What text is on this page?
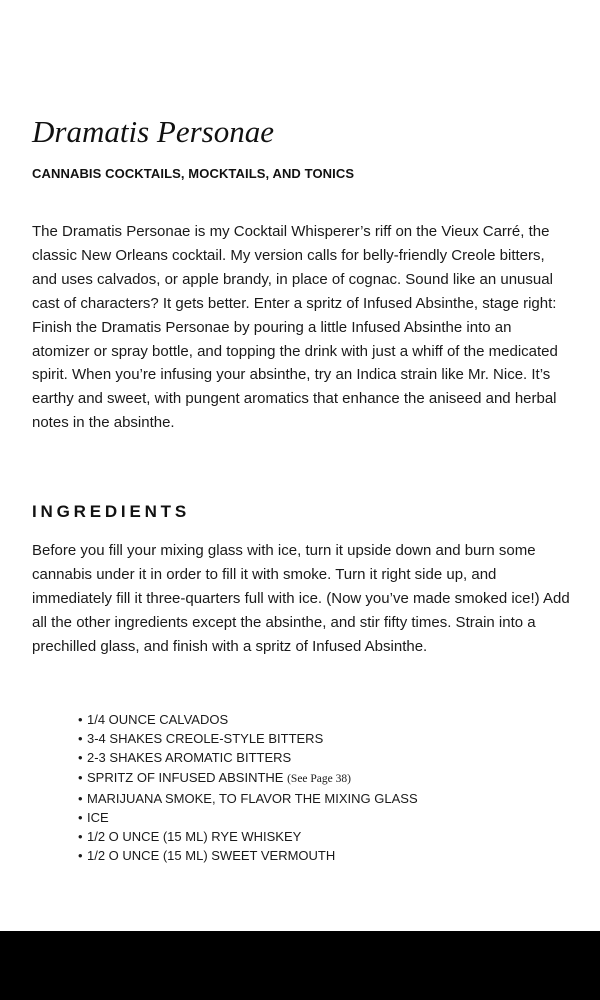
Dramatis Personae
CANNABIS COCKTAILS, MOCKTAILS, AND TONICS

The Dramatis Personae is my Cocktail Whisperer’s riff on the Vieux Carré, the classic New Orleans cocktail. My version calls for belly-friendly Creole bitters, and uses calvados, or apple brandy, in place of cognac. Sound like an unusual cast of characters? It gets better. Enter a spritz of Infused Absinthe, stage right: Finish the Dramatis Personae by pouring a little Infused Absinthe into an atomizer or spray bottle, and topping the drink with just a whiff of the medicated spirit. When you’re infusing your absinthe, try an Indica strain like Mr. Nice. It’s earthy and sweet, with pungent aromatics that enhance the aniseed and herbal notes in the absinthe.

INGREDIENTS

Before you fill your mixing glass with ice, turn it upside down and burn some cannabis under it in order to fill it with smoke. Turn it right side up, and immediately fill it three-quarters full with ice. (Now you’ve made smoked ice!) Add all the other ingredients except the absinthe, and stir fifty times. Strain into a prechilled glass, and finish with a spritz of Infused Absinthe.

• 1/4 OUNCE CALVADOS
• 3-4 SHAKES CREOLE-STYLE BITTERS
• 2-3 SHAKES AROMATIC BITTERS
• SPRITZ OF INFUSED ABSINTHE (See Page 38)
• MARIJUANA SMOKE, TO FLAVOR THE MIXING GLASS
• ICE
• 1/2 O UNCE (15 ML) RYE WHISKEY
• 1/2 O UNCE (15 ML) SWEET VERMOUTH
